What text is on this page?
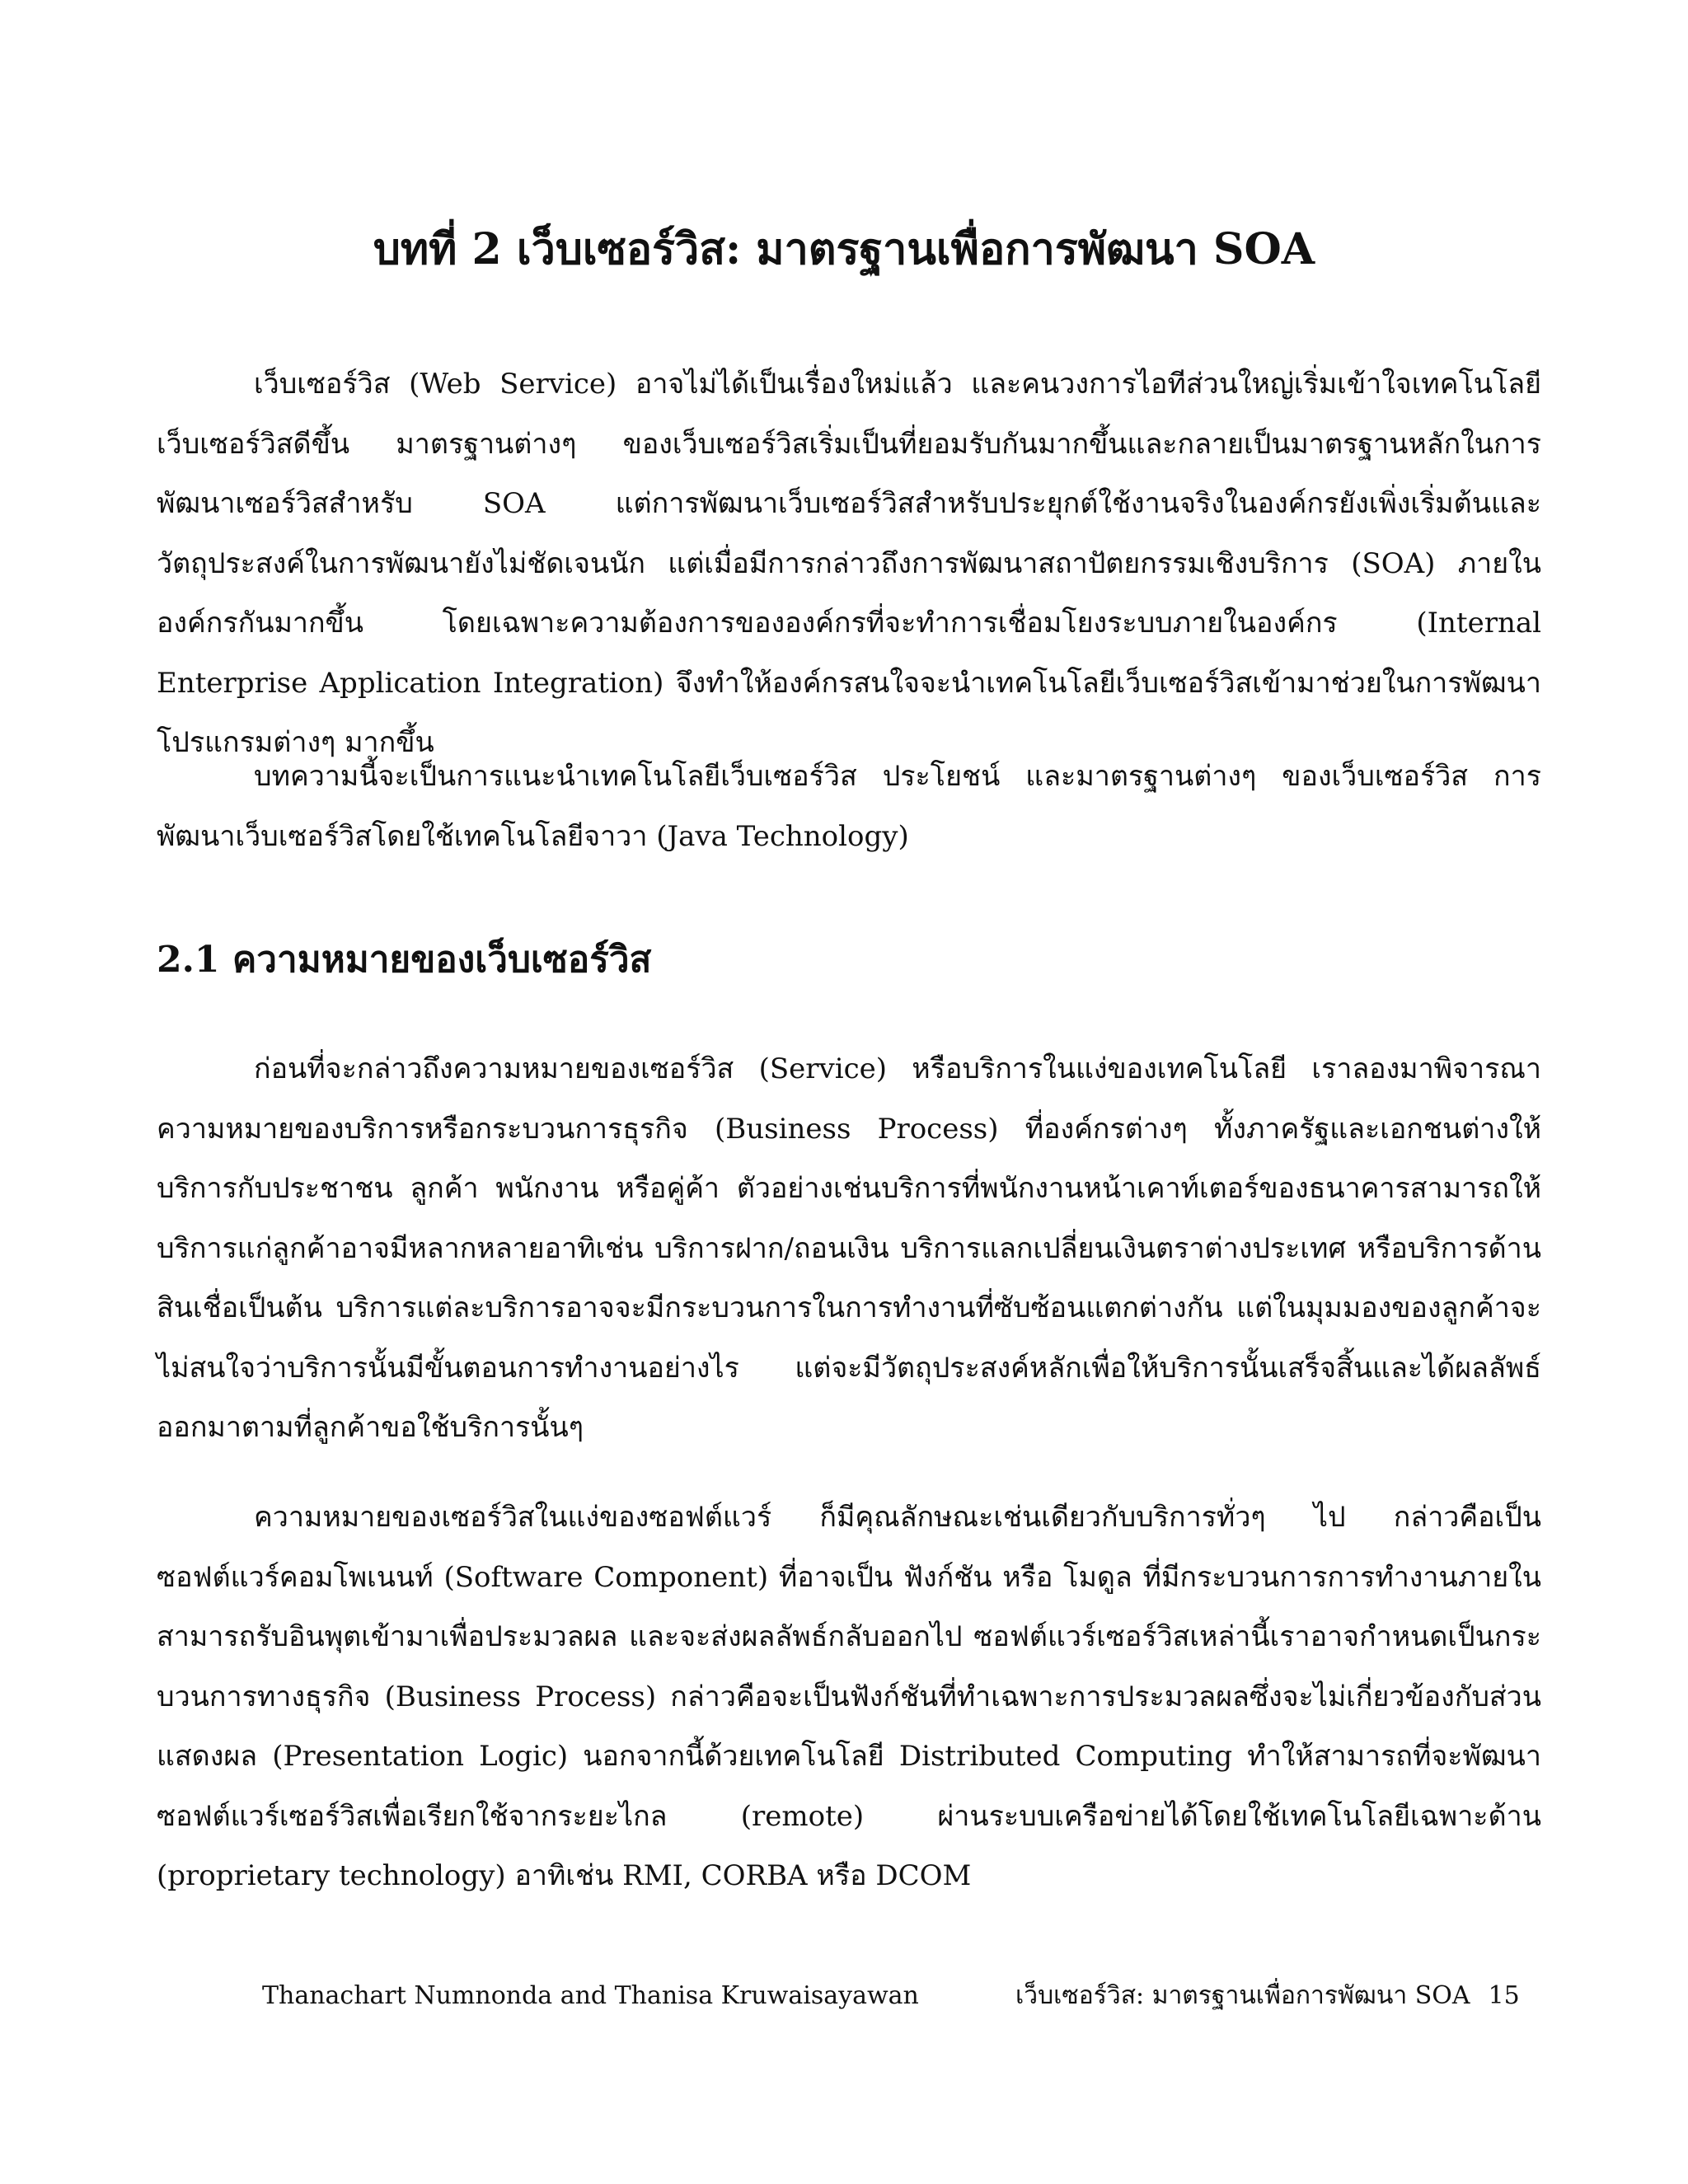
บทที่ 2 เว็บเซอร์วิส: มาตรฐานเพื่อการพัฒนา SOA

เว็บเซอร์วิส (Web Service) อาจไม่ได้เป็นเรื่องใหม่แล้ว และคนวงการไอทีส่วนใหญ่เริ่มเข้าใจเทคโนโลยีเว็บเซอร์วิสดีขึ้น มาตรฐานต่างๆ ของเว็บเซอร์วิสเริ่มเป็นที่ยอมรับกันมากขึ้นและกลายเป็นมาตรฐานหลักในการพัฒนาเซอร์วิสสำหรับ SOA แต่การพัฒนาเว็บเซอร์วิสสำหรับประยุกต์ใช้งานจริงในองค์กรยังเพิ่งเริ่มต้นและวัตถุประสงค์ในการพัฒนายังไม่ชัดเจนนัก แต่เมื่อมีการกล่าวถึงการพัฒนาสถาปัตยกรรมเชิงบริการ (SOA) ภายในองค์กรกันมากขึ้น โดยเฉพาะความต้องการขององค์กรที่จะทำการเชื่อมโยงระบบภายในองค์กร (Internal Enterprise Application Integration) จึงทำให้องค์กรสนใจจะนำเทคโนโลยีเว็บเซอร์วิสเข้ามาช่วยในการพัฒนาโปรแกรมต่างๆ มากขึ้น

บทความนี้จะเป็นการแนะนำเทคโนโลยีเว็บเซอร์วิส ประโยชน์ และมาตรฐานต่างๆ ของเว็บเซอร์วิส การพัฒนาเว็บเซอร์วิสโดยใช้เทคโนโลยีจาวา (Java Technology)

2.1 ความหมายของเว็บเซอร์วิส

ก่อนที่จะกล่าวถึงความหมายของเซอร์วิส (Service) หรือบริการในแง่ของเทคโนโลยี เราลองมาพิจารณาความหมายของบริการหรือกระบวนการธุรกิจ (Business Process) ที่องค์กรต่างๆ ทั้งภาครัฐและเอกชนต่างให้บริการกับประชาชน ลูกค้า พนักงาน หรือคู่ค้า ตัวอย่างเช่นบริการที่พนักงานหน้าเคาท์เตอร์ของธนาคารสามารถให้บริการแก่ลูกค้าอาจมีหลากหลายอาทิเช่น บริการฝาก/ถอนเงิน บริการแลกเปลี่ยนเงินตราต่างประเทศ หรือบริการด้านสินเชื่อเป็นต้น บริการแต่ละบริการอาจจะมีกระบวนการในการทำงานที่ซับซ้อนแตกต่างกัน แต่ในมุมมองของลูกค้าจะไม่สนใจว่าบริการนั้นมีขั้นตอนการทำงานอย่างไร แต่จะมีวัตถุประสงค์หลักเพื่อให้บริการนั้นเสร็จสิ้นและได้ผลลัพธ์ออกมาตามที่ลูกค้าขอใช้บริการนั้นๆ

ความหมายของเซอร์วิสในแง่ของซอฟต์แวร์ ก็มีคุณลักษณะเช่นเดียวกับบริการทั่วๆ ไป กล่าวคือเป็นซอฟต์แวร์คอมโพเนนท์ (Software Component) ที่อาจเป็น ฟังก์ชัน หรือ โมดูล ที่มีกระบวนการการทำงานภายในสามารถรับอินพุตเข้ามาเพื่อประมวลผล และจะส่งผลลัพธ์กลับออกไป ซอฟต์แวร์เซอร์วิสเหล่านี้เราอาจกำหนดเป็นกระบวนการทางธุรกิจ (Business Process) กล่าวคือจะเป็นฟังก์ชันที่ทำเฉพาะการประมวลผลซึ่งจะไม่เกี่ยวข้องกับส่วนแสดงผล (Presentation Logic) นอกจากนี้ด้วยเทคโนโลยี Distributed Computing ทำให้สามารถที่จะพัฒนาซอฟต์แวร์เซอร์วิสเพื่อเรียกใช้จากระยะไกล (remote) ผ่านระบบเครือข่ายได้โดยใช้เทคโนโลยีเฉพาะด้าน (proprietary technology) อาทิเช่น RMI, CORBA หรือ DCOM

Thanachart Numnonda and Thanisa Kruwaisayawan	เว็บเซอร์วิส: มาตรฐานเพื่อการพัฒนา SOA 15
